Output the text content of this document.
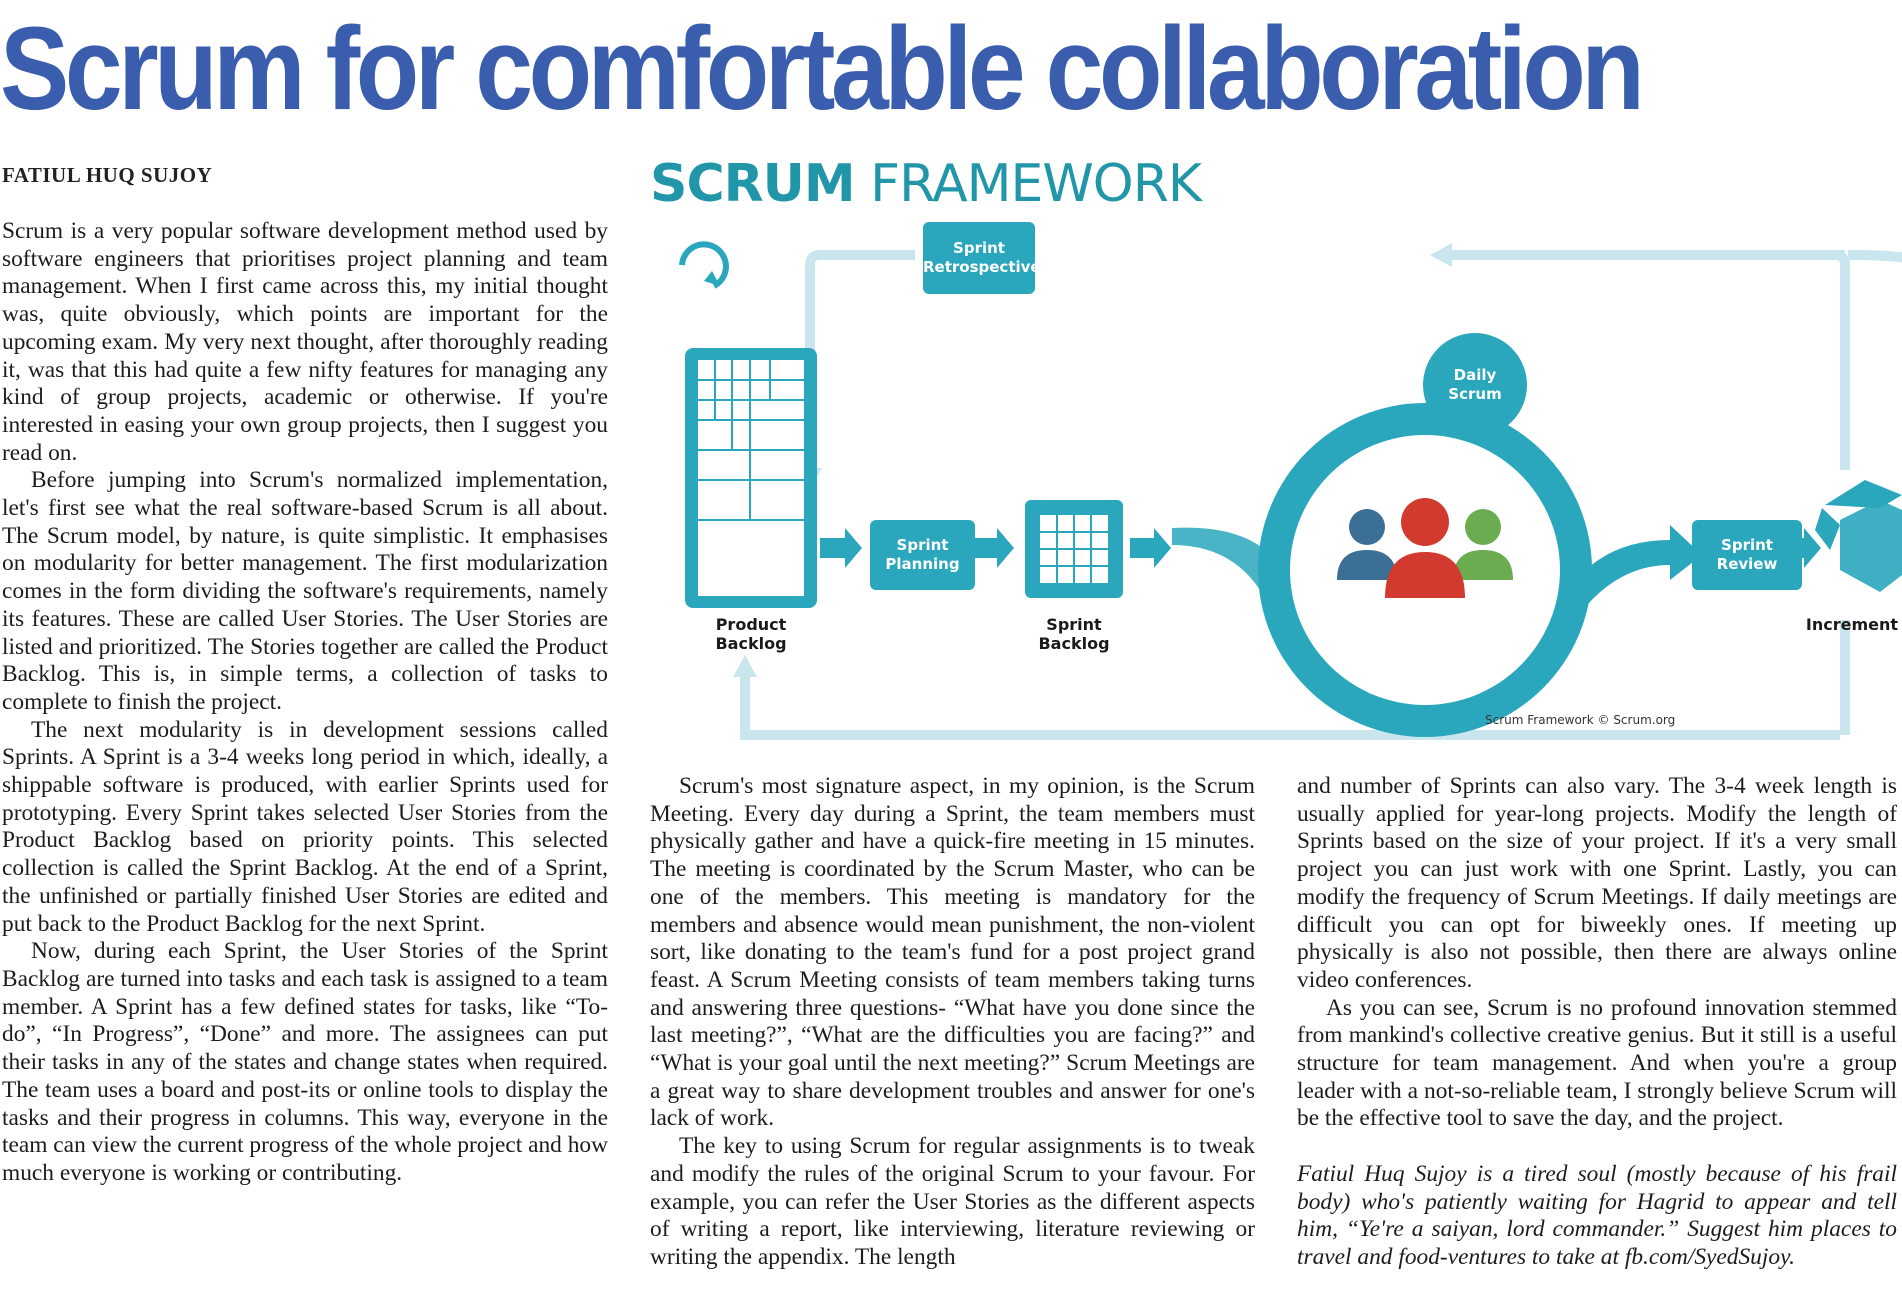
Scrum for comfortable collaboration
FATIUL HUQ SUJOY

Scrum is a very popular software development method used by software engineers that prioritises project planning and team management. When I first came across this, my initial thought was, quite obviously, which points are important for the upcoming exam. My very next thought, after thoroughly reading it, was that this had quite a few nifty features for managing any kind of group projects, academic or otherwise. If you're interested in easing your own group projects, then I suggest you read on.

Before jumping into Scrum's normalized implementation, let's first see what the real software-based Scrum is all about. The Scrum model, by nature, is quite simplistic. It emphasises on modularity for better management. The first modularization comes in the form dividing the software's requirements, namely its features. These are called User Stories. The User Stories are listed and prioritized. The Stories together are called the Product Backlog. This is, in simple terms, a collection of tasks to complete to finish the project.

The next modularity is in development sessions called Sprints. A Sprint is a 3-4 weeks long period in which, ideally, a shippable software is produced, with earlier Sprints used for prototyping. Every Sprint takes selected User Stories from the Product Backlog based on priority points. This selected collection is called the Sprint Backlog. At the end of a Sprint, the unfinished or partially finished User Stories are edited and put back to the Product Backlog for the next Sprint.

Now, during each Sprint, the User Stories of the Sprint Backlog are turned into tasks and each task is assigned to a team member. A Sprint has a few defined states for tasks, like “To-do”, “In Progress”, “Done” and more. The assignees can put their tasks in any of the states and change states when required. The team uses a board and post-its or online tools to display the tasks and their progress in columns. This way, everyone in the team can view the current progress of the whole project and how much everyone is working or contributing.

Scrum's most signature aspect, in my opinion, is the Scrum Meeting. Every day during a Sprint, the team members must physically gather and have a quick-fire meeting in 15 minutes. The meeting is coordinated by the Scrum Master, who can be one of the members. This meeting is mandatory for the members and absence would mean punishment, the non-violent sort, like donating to the team's fund for a post project grand feast. A Scrum Meeting consists of team members taking turns and answering three questions- “What have you done since the last meeting?”, “What are the difficulties you are facing?” and “What is your goal until the next meeting?” Scrum Meetings are a great way to share development troubles and answer for one's lack of work.

The key to using Scrum for regular assignments is to tweak and modify the rules of the original Scrum to your favour. For example, you can refer the User Stories as the different aspects of writing a report, like interviewing, literature reviewing or writing the appendix. The length

and number of Sprints can also vary. The 3-4 week length is usually applied for year-long projects. Modify the length of Sprints based on the size of your project. If it's a very small project you can just work with one Sprint. Lastly, you can modify the frequency of Scrum Meetings. If daily meetings are difficult you can opt for biweekly ones. If meeting up physically is also not possible, then there are always online video conferences.

As you can see, Scrum is no profound innovation stemmed from mankind's collective creative genius. But it still is a useful structure for team management. And when you're a group leader with a not-so-reliable team, I strongly believe Scrum will be the effective tool to save the day, and the project.

Fatiul Huq Sujoy is a tired soul (mostly because of his frail body) who's patiently waiting for Hagrid to appear and tell him, “Ye're a saiyan, lord commander.” Suggest him places to travel and food-ventures to take at fb.com/SyedSujoy.

SCRUM FRAMEWORK
Sprint Retrospective
Daily Scrum
Sprint Planning
Sprint Review
Product Backlog
Sprint Backlog
Increment
1 Scrum Team
Scrum Framework © Scrum.org
